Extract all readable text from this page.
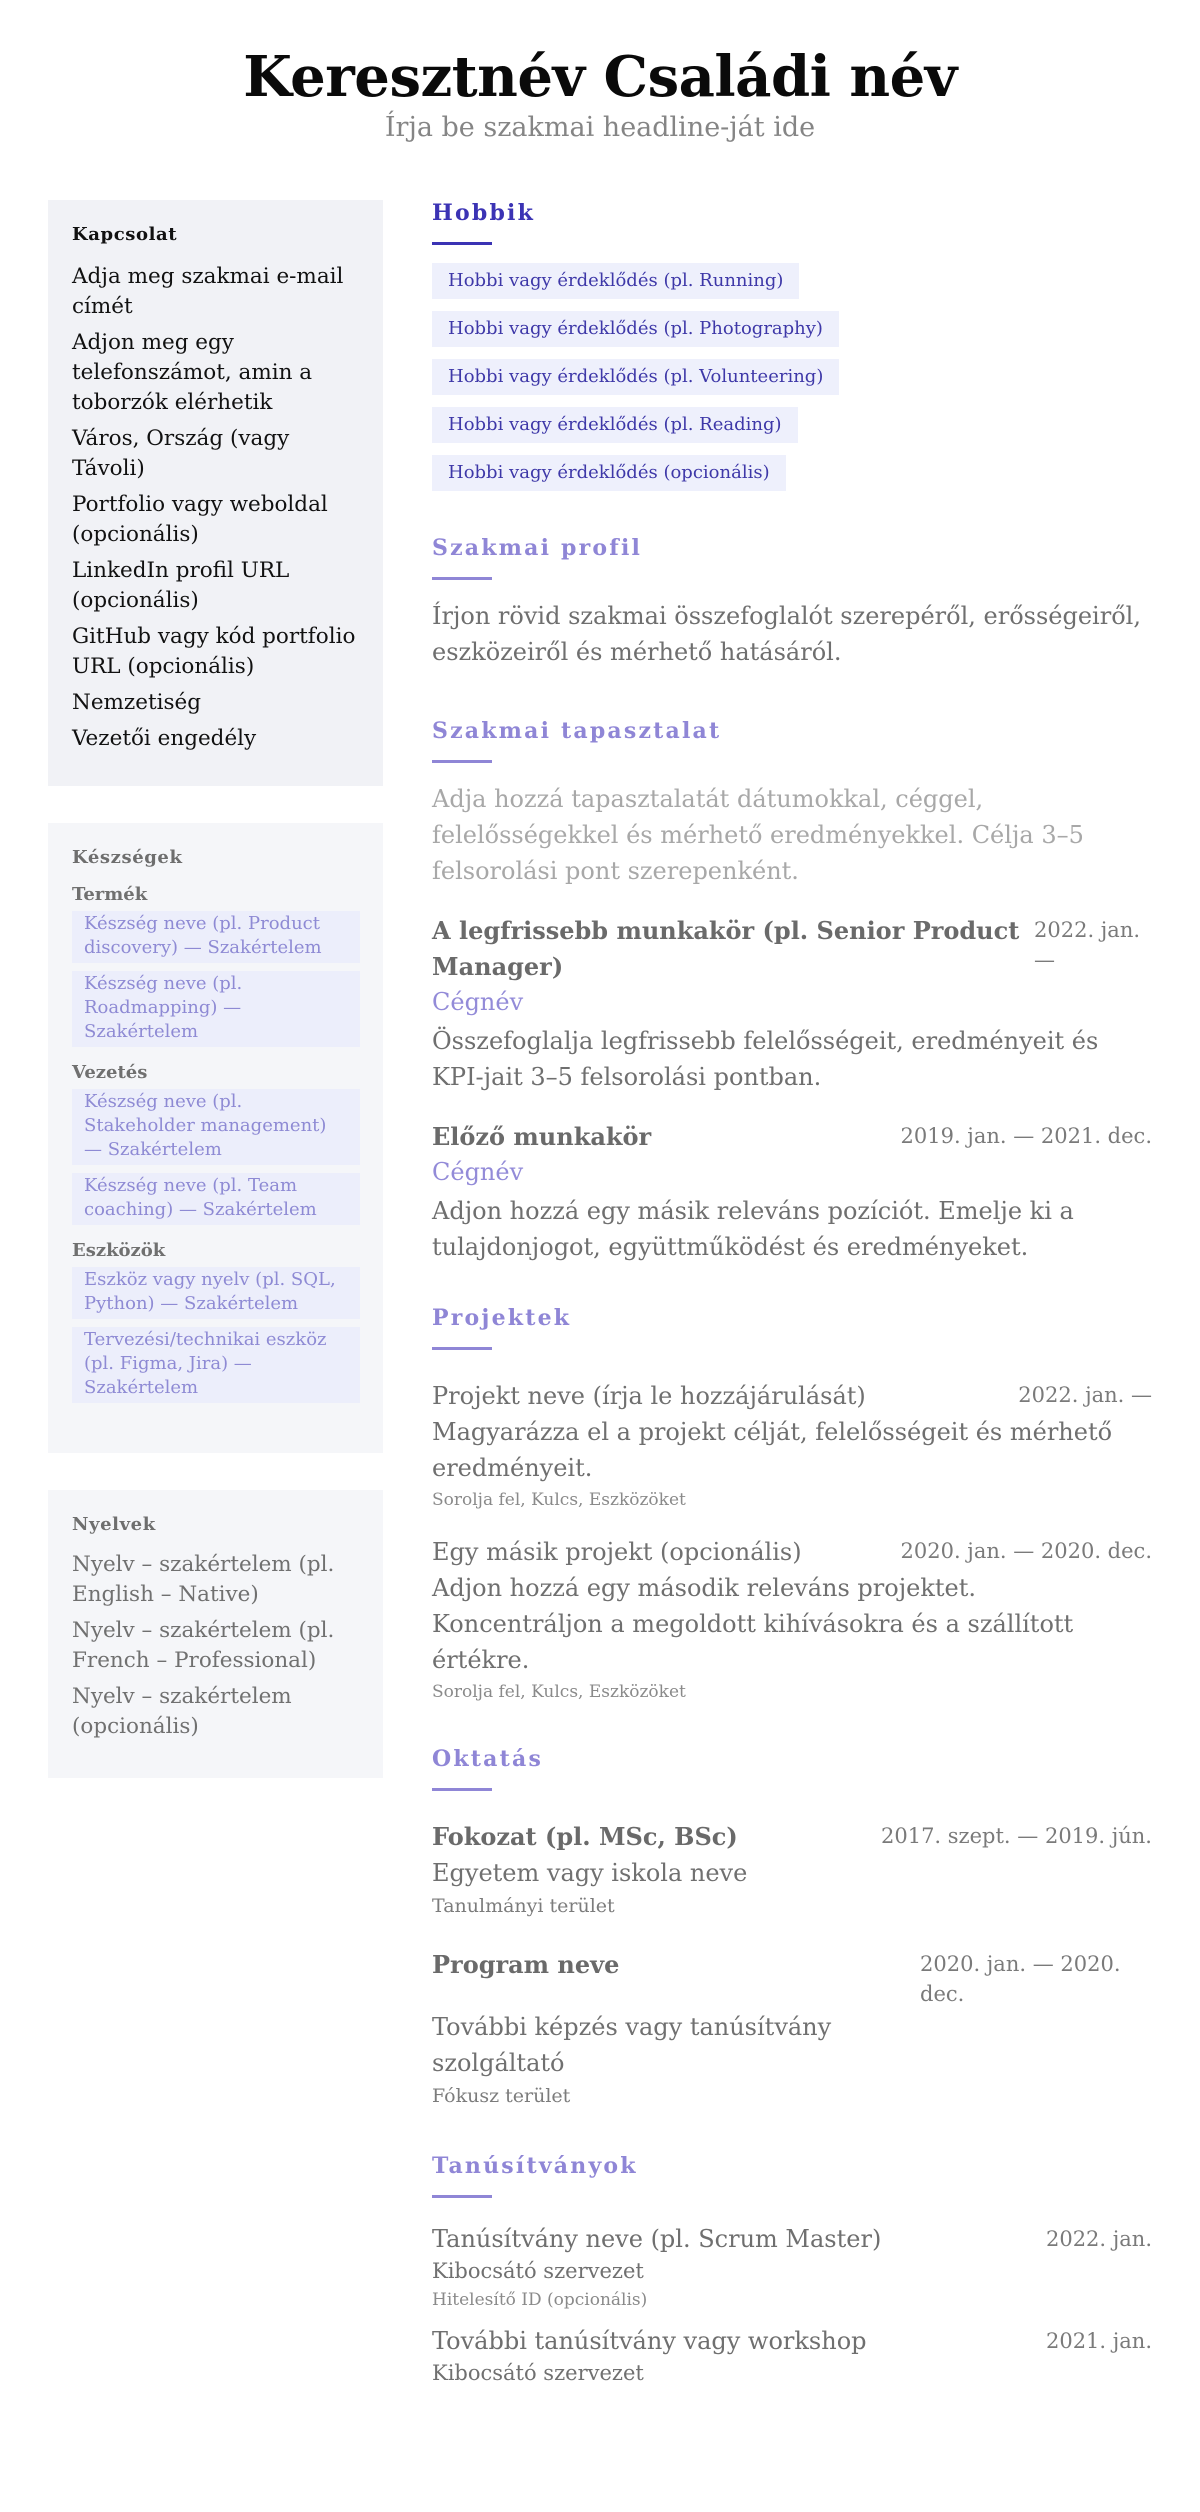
Keresztnév Családi név
Írja be szakmai headline-ját ide
Kapcsolat
Adja meg szakmai e-mail címét
Adjon meg egy telefonszámot, amin a toborzók elérhetik
Város, Ország (vagy Távoli)
Portfolio vagy weboldal (opcionális)
LinkedIn profil URL (opcionális)
GitHub vagy kód portfolio URL (opcionális)
Nemzetiség
Vezetői engedély
Készségek
Termék
Készség neve (pl. Product discovery) — Szakértelem
Készség neve (pl. Roadmapping) — Szakértelem
Vezetés
Készség neve (pl. Stakeholder management) — Szakértelem
Készség neve (pl. Team coaching) — Szakértelem
Eszközök
Eszköz vagy nyelv (pl. SQL, Python) — Szakértelem
Tervezési/technikai eszköz (pl. Figma, Jira) — Szakértelem
Nyelvek
Nyelv – szakértelem (pl. English – Native)
Nyelv – szakértelem (pl. French – Professional)
Nyelv – szakértelem (opcionális)
Hobbik
Hobbi vagy érdeklődés (pl. Running)
Hobbi vagy érdeklődés (pl. Photography)
Hobbi vagy érdeklődés (pl. Volunteering)
Hobbi vagy érdeklődés (pl. Reading)
Hobbi vagy érdeklődés (opcionális)
Szakmai profil

Írjon rövid szakmai összefoglalót szerepéről, erősségeiről, eszközeiről és mérhető hatásáról.

Szakmai tapasztalat

Adja hozzá tapasztalatát dátumokkal, céggel, felelősségekkel és mérhető eredményekkel. Célja 3–5 felsorolási pont szerepenként.

A legfrissebb munkakör (pl. Senior Product Manager)
2022. jan. —
Cégnév
Összefoglalja legfrissebb felelősségeit, eredményeit és KPI-jait 3–5 felsorolási pontban.
Előző munkakör	2019. jan. — 2021. dec.
Cégnév
Adjon hozzá egy másik releváns pozíciót. Emelje ki a tulajdonjogot, együttműködést és eredményeket.
Projektek
Projekt neve (írja le hozzájárulását)	2022. jan. —
Magyarázza el a projekt célját, felelősségeit és mérhető eredményeit.
Sorolja fel, Kulcs, Eszközöket
Egy másik projekt (opcionális)	2020. jan. — 2020. dec.
Adjon hozzá egy második releváns projektet. Koncentráljon a megoldott kihívásokra és a szállított értékre.
Sorolja fel, Kulcs, Eszközöket
Oktatás
Fokozat (pl. MSc, BSc)	2017. szept. — 2019. jún.
Egyetem vagy iskola neve
Tanulmányi terület
Program neve	2020. jan. — 2020. dec.
További képzés vagy tanúsítvány szolgáltató
Fókusz terület
Tanúsítványok
Tanúsítvány neve (pl. Scrum Master)	2022. jan.
Kibocsátó szervezet
Hitelesítő ID (opcionális)
További tanúsítvány vagy workshop	2021. jan.
Kibocsátó szervezet
